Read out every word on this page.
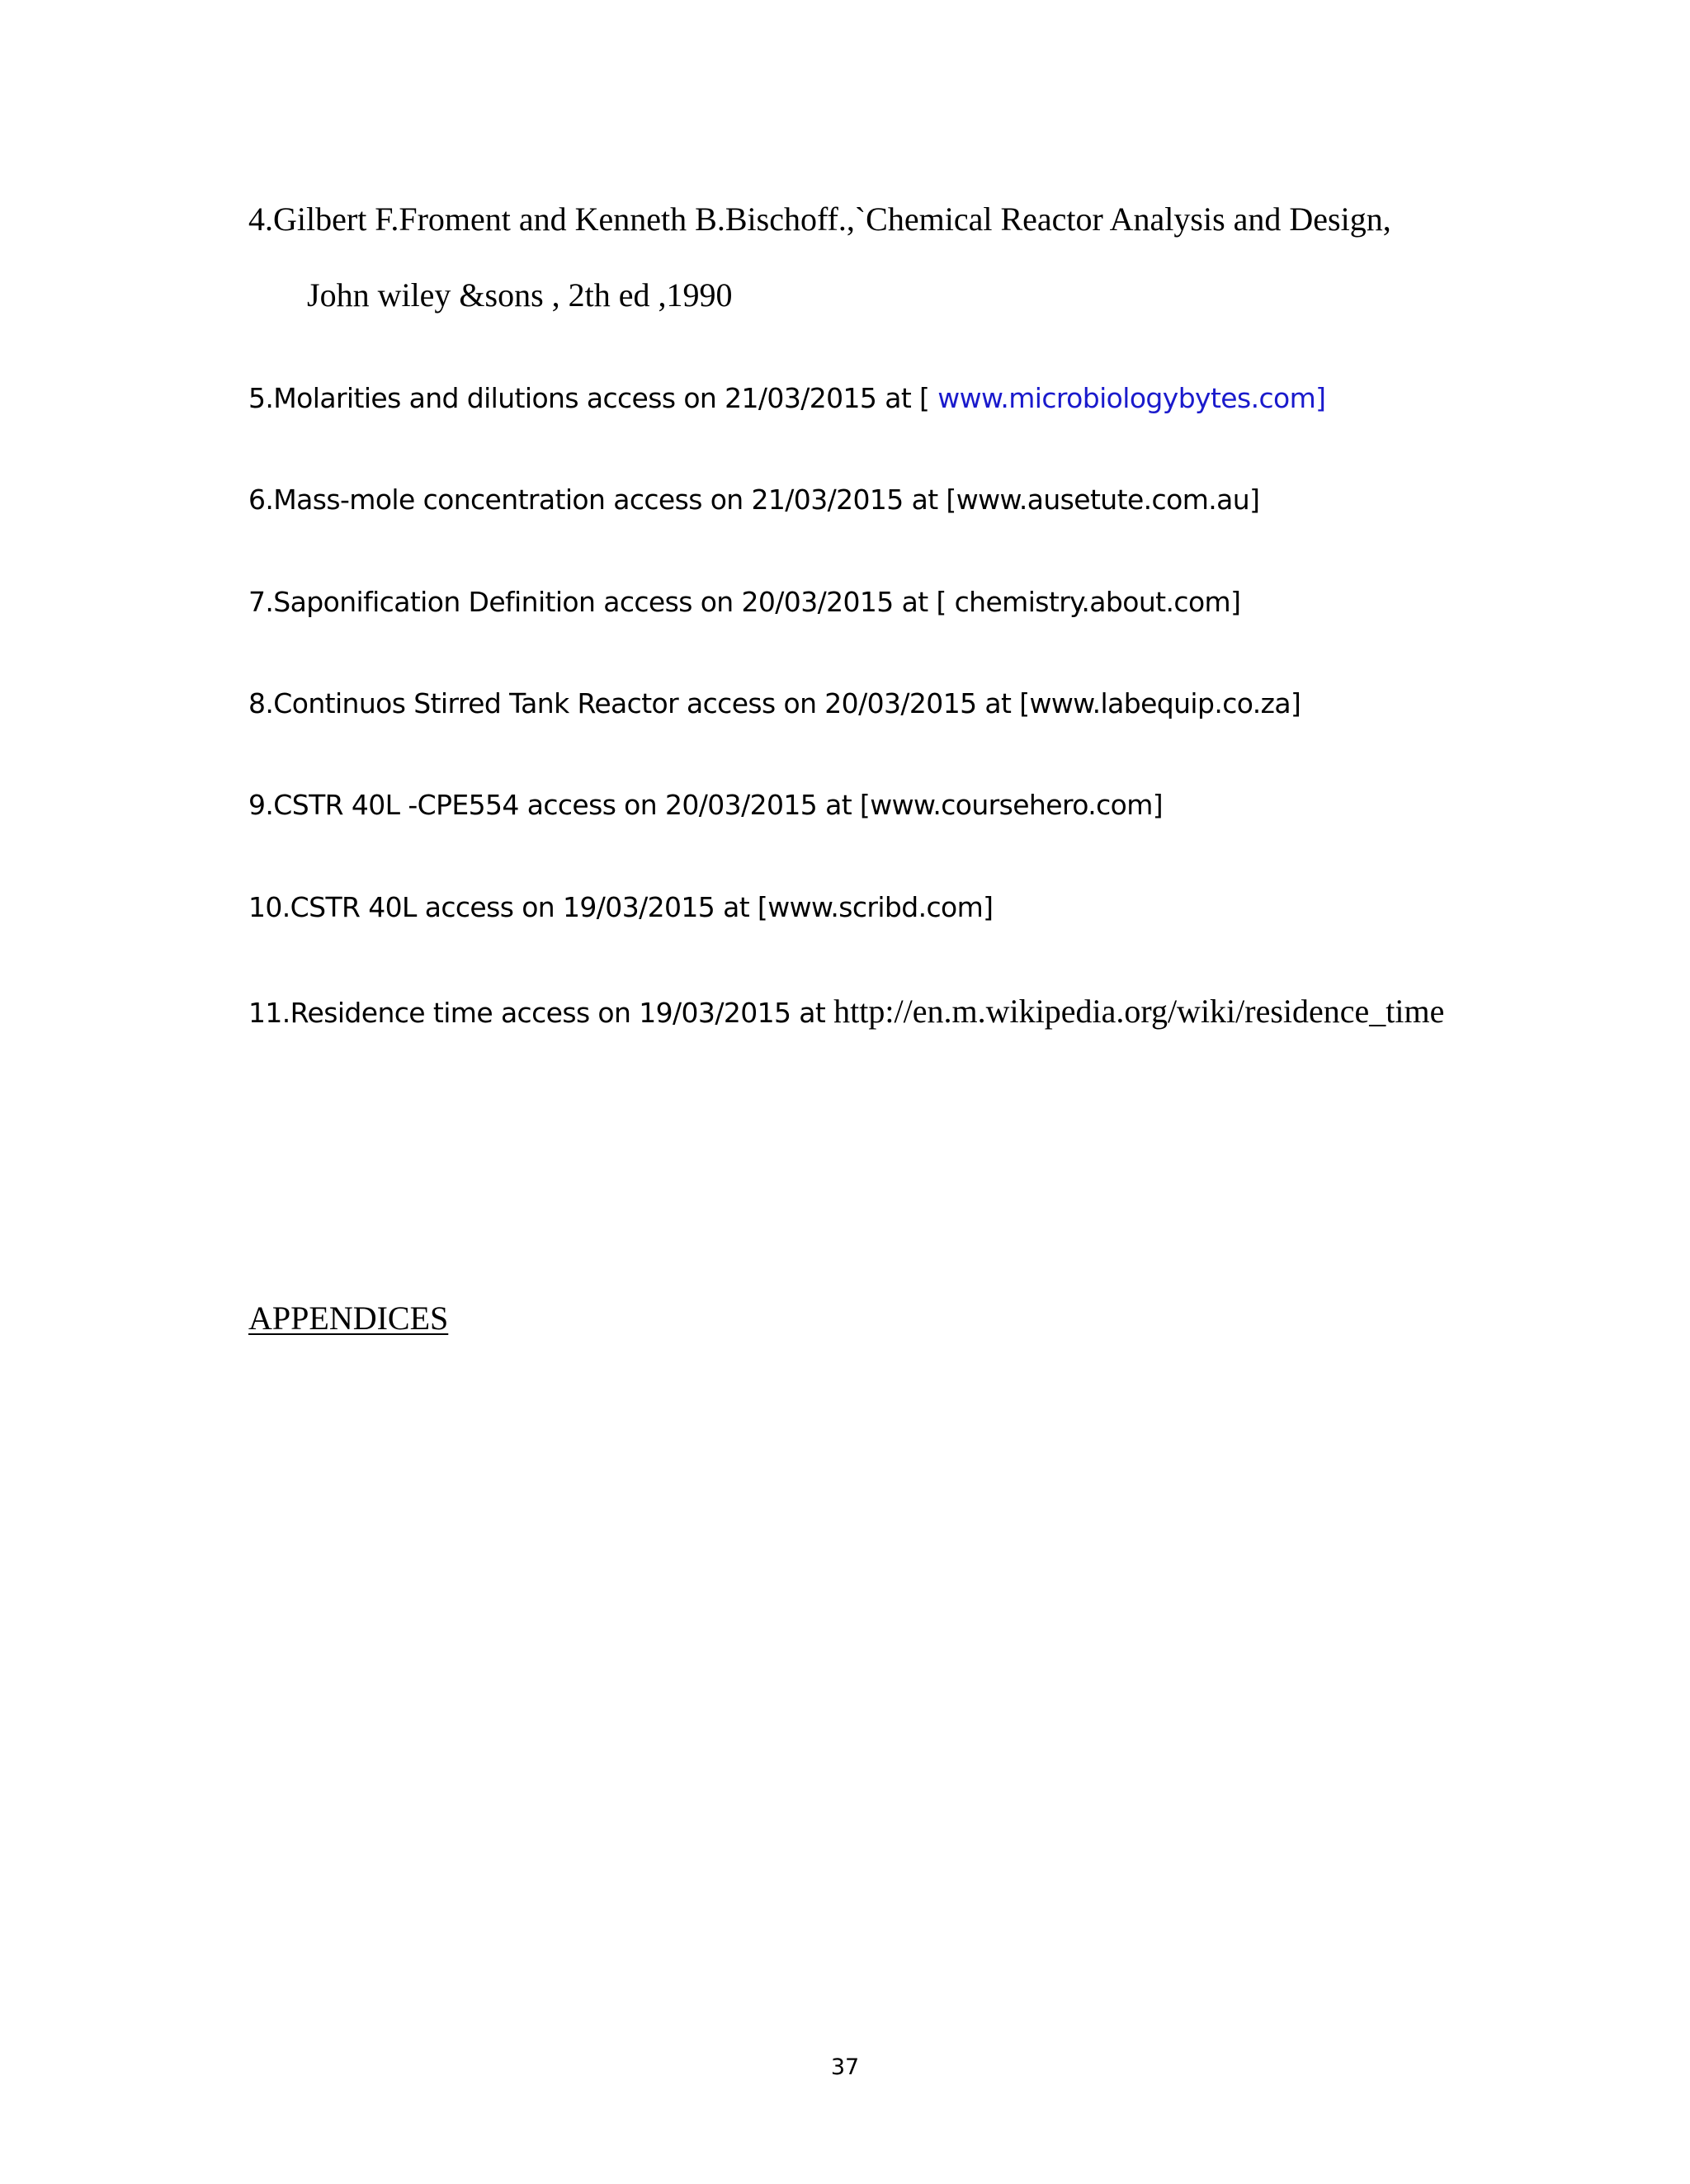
4.Gilbert F.Froment and Kenneth B.Bischoff.,`Chemical Reactor Analysis and Design,
John wiley &sons , 2th ed ,1990
5.Molarities and dilutions access on 21/03/2015 at [ www.microbiologybytes.com]
6.Mass-mole concentration access on 21/03/2015 at [www.ausetute.com.au]
7.Saponification Definition access on 20/03/2015 at [ chemistry.about.com]
8.Continuos Stirred Tank Reactor access on 20/03/2015 at [www.labequip.co.za]
9.CSTR 40L -CPE554 access on 20/03/2015 at [www.coursehero.com]
10.CSTR 40L access on 19/03/2015 at [www.scribd.com]
11.Residence time access on 19/03/2015 at http://en.m.wikipedia.org/wiki/residence_time
APPENDICES
37
